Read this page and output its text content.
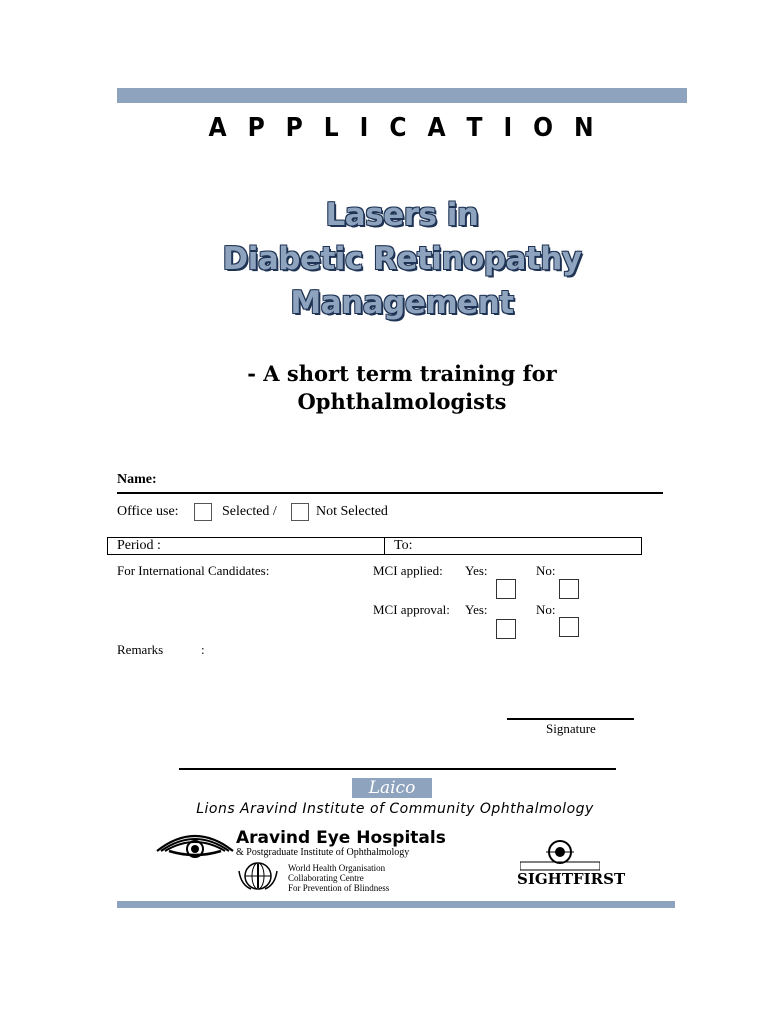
A P P L I C A T I O N
Lasers in
Diabetic Retinopathy
Management
- A short term training for
Ophthalmologists
Name:
Office use:	Selected /	Not Selected
Period :	To:
For International Candidates:	MCI applied: Yes:	No:
MCI approval: Yes:	No:
Remarks	:
Signature
Laico
Lions Aravind Institute of Community Ophthalmology
Aravind Eye Hospitals
& Postgraduate Institute of Ophthalmology
World Health Organisation
Collaborating Centre
For Prevention of Blindness	SIGHTFIRST
